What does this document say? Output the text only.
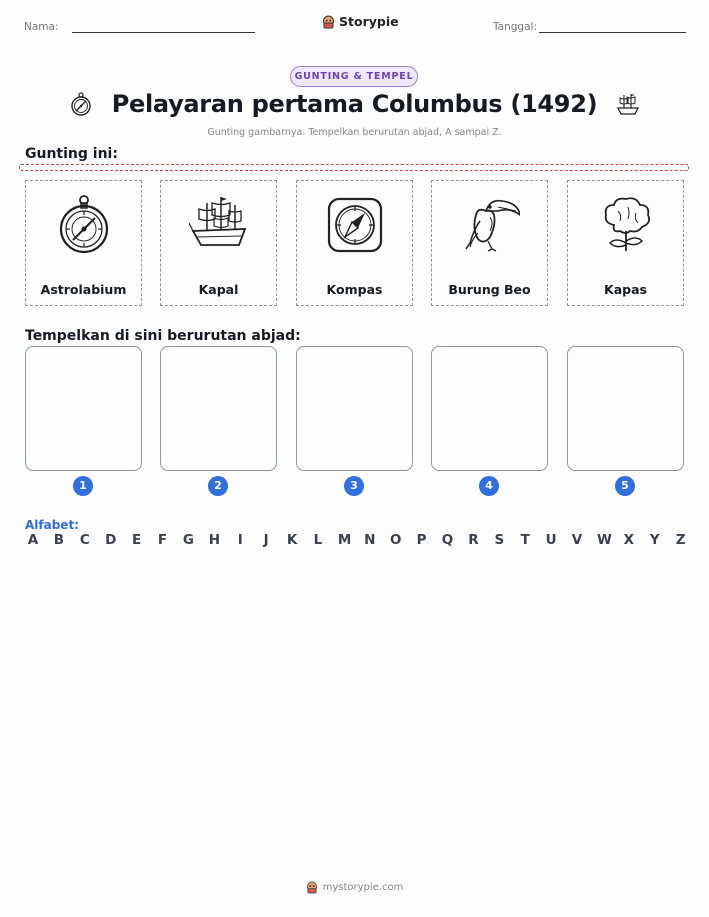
Nama:	Storypie	Tanggal:
GUNTING & TEMPEL
Pelayaran pertama Columbus (1492)
Gunting gambarnya. Tempelkan berurutan abjad, A sampai Z.
Gunting ini:
Astrolabium	Kapal	Kompas	Burung Beo	Kapas
Tempelkan di sini berurutan abjad:
1	2	3	4	5
Alfabet:
A B C D E F G H I J K L M N O P Q R S T U V W X Y Z
mystorypie.com
